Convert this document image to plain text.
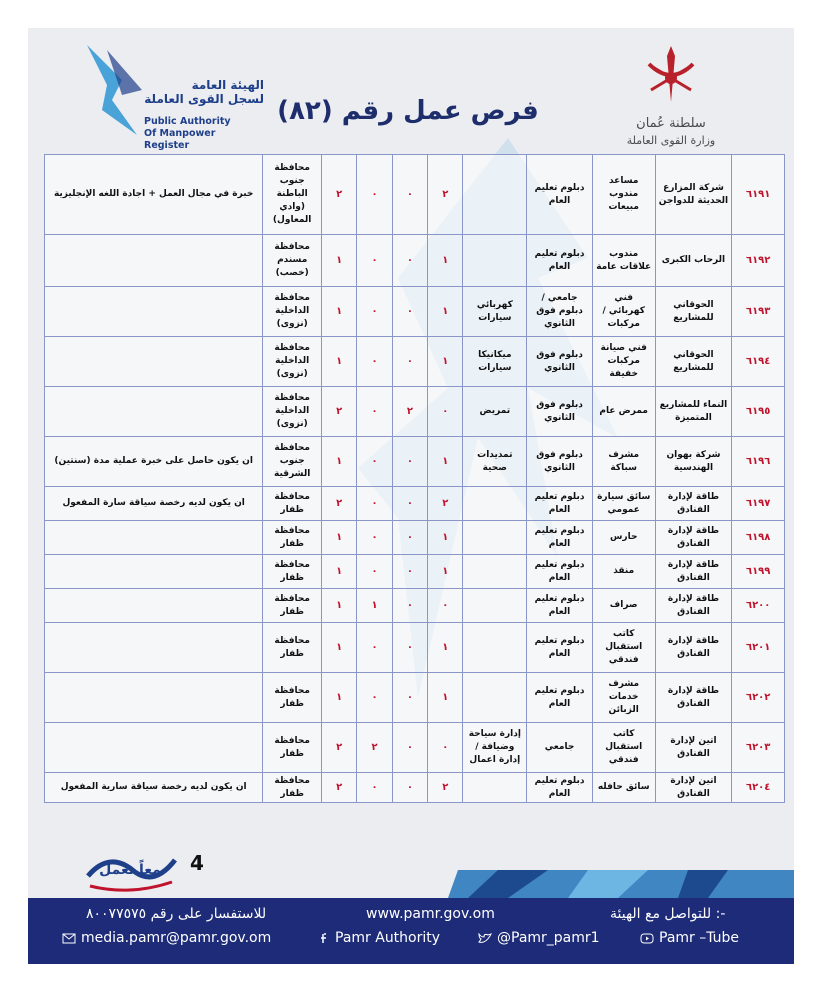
الهيئة العامة
لسجل القوى العاملة
Public Authority
Of Manpower Register
فرص عمل رقم (٨٢)	سلطنة عُمان
وزارة القوى العاملة
خبرة في مجال العمل + اجادة اللغه الإنجليزية	محافظة جنوب الباطنة (وادي المعاول)	٢	٠	٠	٢		دبلوم تعليم العام	مساعد مندوب مبيعات	شركة المزارع الحديثة للدواجن	٦١٩١
	محافظة مسندم (خصب)	١	٠	٠	١		دبلوم تعليم العام	مندوب علاقات عامة	الرحاب الكبرى	٦١٩٢
	محافظة الداخلية (نزوى)	١	٠	٠	١	كهربائي سيارات	جامعي / دبلوم فوق الثانوي	فني كهربائي / مركبات	الحوقاني للمشاريع	٦١٩٣
	محافظة الداخلية (نزوى)	١	٠	٠	١	ميكانيكا سيارات	دبلوم فوق الثانوي	فني صيانة مركبات خفيفة	الحوقاني للمشاريع	٦١٩٤
	محافظة الداخلية (نزوى)	٢	٠	٢	٠	تمريض	دبلوم فوق الثانوي	ممرض عام	النماء للمشاريع المتميزة	٦١٩٥
ان يكون حاصل على خبرة عملية مدة (سنتين)	محافظة جنوب الشرقية	١	٠	٠	١	تمديدات صحية	دبلوم فوق الثانوي	مشرف سباكة	شركة بهوان الهندسية	٦١٩٦
ان يكون لديه رخصة سياقة سارة المفعول	محافظة ظفار	٢	٠	٠	٢		دبلوم تعليم العام	سائق سيارة عمومي	طاقة لإدارة الفنادق	٦١٩٧
	محافظة ظفار	١	٠	٠	١		دبلوم تعليم العام	حارس	طاقة لإدارة الفنادق	٦١٩٨
	محافظة ظفار	١	٠	٠	١		دبلوم تعليم العام	منقذ	طاقة لإدارة الفنادق	٦١٩٩
	محافظة ظفار	١	١	٠	٠		دبلوم تعليم العام	صراف	طاقة لإدارة الفنادق	٦٢٠٠
	محافظة ظفار	١	٠	٠	١		دبلوم تعليم العام	كاتب استقبال فندقي	طاقة لإدارة الفنادق	٦٢٠١
	محافظة ظفار	١	٠	٠	١		دبلوم تعليم العام	مشرف خدمات الزبائن	طاقة لإدارة الفنادق	٦٢٠٢
	محافظة ظفار	٢	٢	٠	٠	إدارة سياحة وضيافة / إدارة اعمال	جامعي	كاتب استقبال فندقي	اتين لإدارة الفنادق	٦٢٠٣
ان يكون لديه رخصة سياقة سارية المفعول	محافظة ظفار	٢	٠	٠	٢		دبلوم تعليم العام	سائق حافله	اتين لإدارة الفنادق	٦٢٠٤
معاً نعمل 4
للاستفسار على رقم ٨٠٠٧٧٥٧٥	www.pamr.gov.om	للتواصل مع الهيئة :-
media.pamr@pamr.gov.om	Pamr Authority	@Pamr_pamr1	Pamr –Tube
